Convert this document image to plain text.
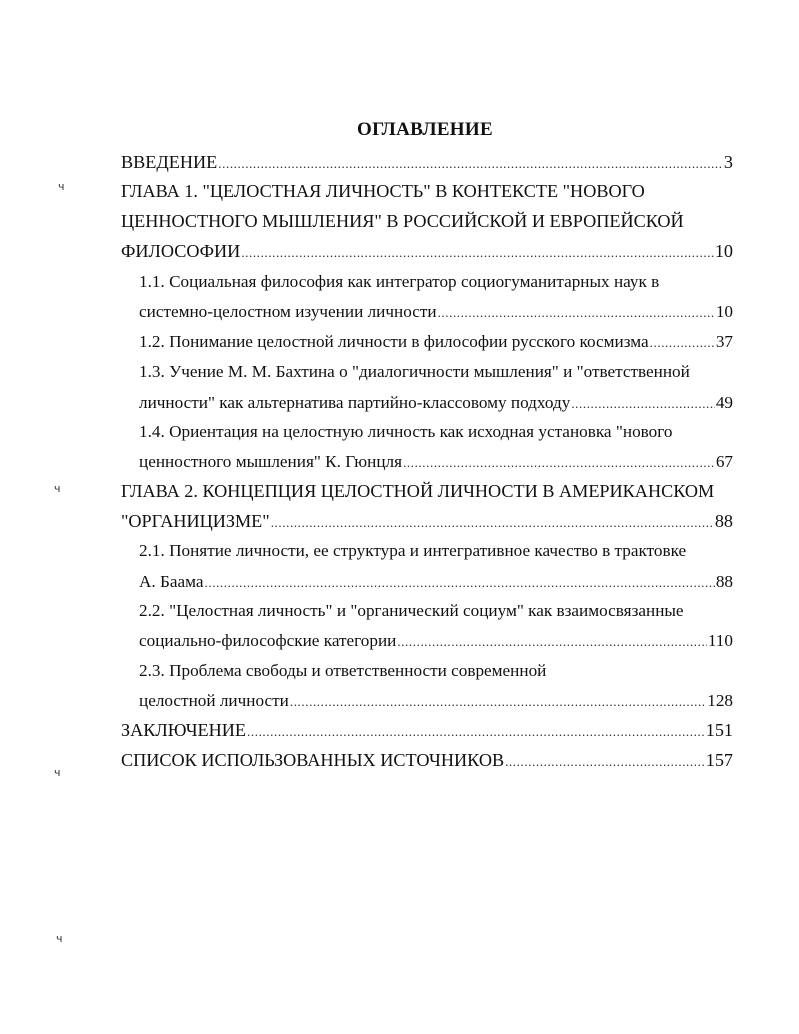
ОГЛАВЛЕНИЕ
ВВЕДЕНИЕ .....	3
ГЛАВА 1. "ЦЕЛОСТНАЯ ЛИЧНОСТЬ" В КОНТЕКСТЕ "НОВОГО
ЦЕННОСТНОГО МЫШЛЕНИЯ" В РОССИЙСКОЙ И ЕВРОПЕЙСКОЙ
ФИЛОСОФИИ .....	10
1.1. Социальная философия как интегратор социогуманитарных наук в
системно-целостном изучении личности .....	10
1.2. Понимание целостной личности в философии русского космизма .....	37
1.3. Учение М. М. Бахтина о "диалогичности мышления" и "ответственной
личности" как альтернатива партийно-классовому подходу .....	49
1.4. Ориентация на целостную личность как исходная установка "нового
ценностного мышления" К. Гюнцля .....	67
ГЛАВА 2. КОНЦЕПЦИЯ ЦЕЛОСТНОЙ ЛИЧНОСТИ В АМЕРИКАНСКОМ
"ОРГАНИЦИЗМЕ" .....	88
2.1. Понятие личности, ее структура и интегративное качество в трактовке
А. Баама .....	88
2.2. "Целостная личность" и "органический социум" как взаимосвязанные
социально-философские категории .....	110
2.3. Проблема свободы и ответственности современной
целостной личности .....	128
ЗАКЛЮЧЕНИЕ .....	151
СПИСОК ИСПОЛЬЗОВАННЫХ ИСТОЧНИКОВ .....	157
ч
ч
ч
ч
